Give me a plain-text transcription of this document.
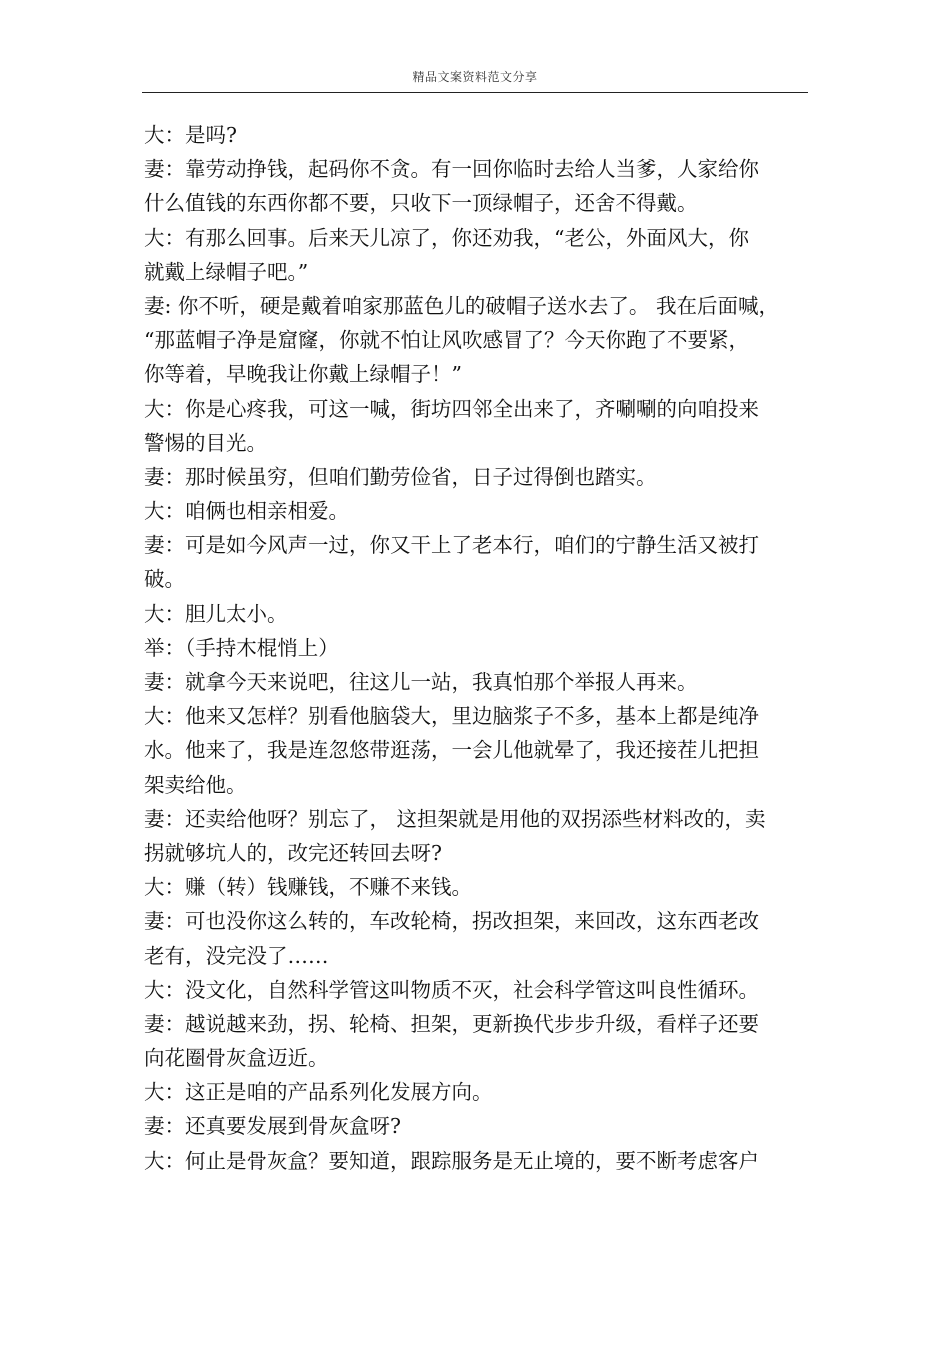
精品文案资料范文分享
大：是吗?
妻：靠劳动挣钱，起码你不贪。有一回你临时去给人当爹，人家给你
什么值钱的东西你都不要，只收下一顶绿帽子，还舍不得戴。
大：有那么回事。后来天儿凉了，你还劝我，“老公，外面风大，你
就戴上绿帽子吧。”
妻: 你不听，硬是戴着咱家那蓝色儿的破帽子送水去了。 我在后面喊，
“那蓝帽子净是窟窿，你就不怕让风吹感冒了？今天你跑了不要紧，
你等着，早晚我让你戴上绿帽子！”
大：你是心疼我，可这一喊，街坊四邻全出来了，齐唰唰的向咱投来
警惕的目光。
妻：那时候虽穷，但咱们勤劳俭省，日子过得倒也踏实。
大：咱俩也相亲相爱。
妻：可是如今风声一过，你又干上了老本行，咱们的宁静生活又被打
破。
大：胆儿太小。
举：（手持木棍悄上）
妻：就拿今天来说吧，往这儿一站，我真怕那个举报人再来。
大：他来又怎样？别看他脑袋大，里边脑浆子不多，基本上都是纯净
水。他来了，我是连忽悠带逛荡，一会儿他就晕了，我还接茬儿把担
架卖给他。
妻：还卖给他呀？别忘了， 这担架就是用他的双拐添些材料改的，卖
拐就够坑人的，改完还转回去呀?
大：赚（转）钱赚钱，不赚不来钱。
妻：可也没你这么转的，车改轮椅，拐改担架，来回改，这东西老改
老有，没完没了……
大：没文化，自然科学管这叫物质不灭，社会科学管这叫良性循环。
妻：越说越来劲，拐、轮椅、担架，更新换代步步升级，看样子还要
向花圈骨灰盒迈近。
大：这正是咱的产品系列化发展方向。
妻：还真要发展到骨灰盒呀?
大：何止是骨灰盒？要知道，跟踪服务是无止境的，要不断考虑客户
